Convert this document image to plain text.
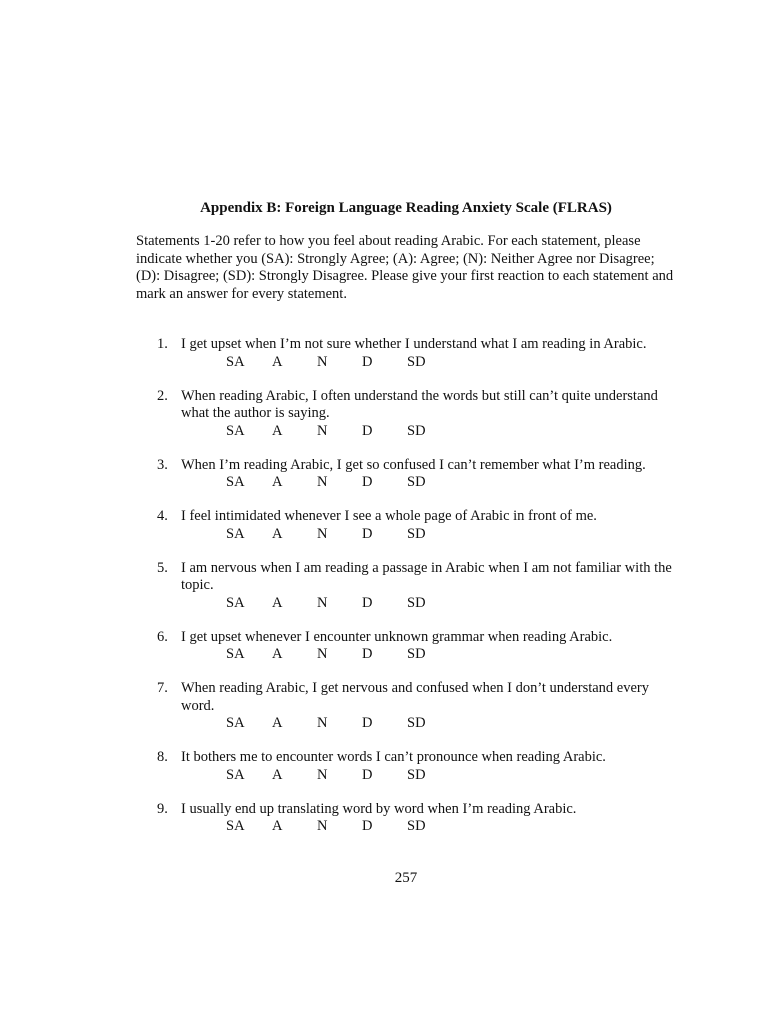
Appendix B: Foreign Language Reading Anxiety Scale (FLRAS)
Statements 1-20 refer to how you feel about reading Arabic. For each statement, please indicate whether you (SA): Strongly Agree; (A): Agree; (N): Neither Agree nor Disagree; (D): Disagree; (SD): Strongly Disagree. Please give your first reaction to each statement and mark an answer for every statement.
1. I get upset when I’m not sure whether I understand what I am reading in Arabic.
SA A N D SD
2. When reading Arabic, I often understand the words but still can’t quite understand what the author is saying.
SA A N D SD
3. When I’m reading Arabic, I get so confused I can’t remember what I’m reading.
SA A N D SD
4. I feel intimidated whenever I see a whole page of Arabic in front of me.
SA A N D SD
5. I am nervous when I am reading a passage in Arabic when I am not familiar with the topic.
SA A N D SD
6. I get upset whenever I encounter unknown grammar when reading Arabic.
SA A N D SD
7. When reading Arabic, I get nervous and confused when I don’t understand every word.
SA A N D SD
8. It bothers me to encounter words I can’t pronounce when reading Arabic.
SA A N D SD
9. I usually end up translating word by word when I’m reading Arabic.
SA A N D SD
257
